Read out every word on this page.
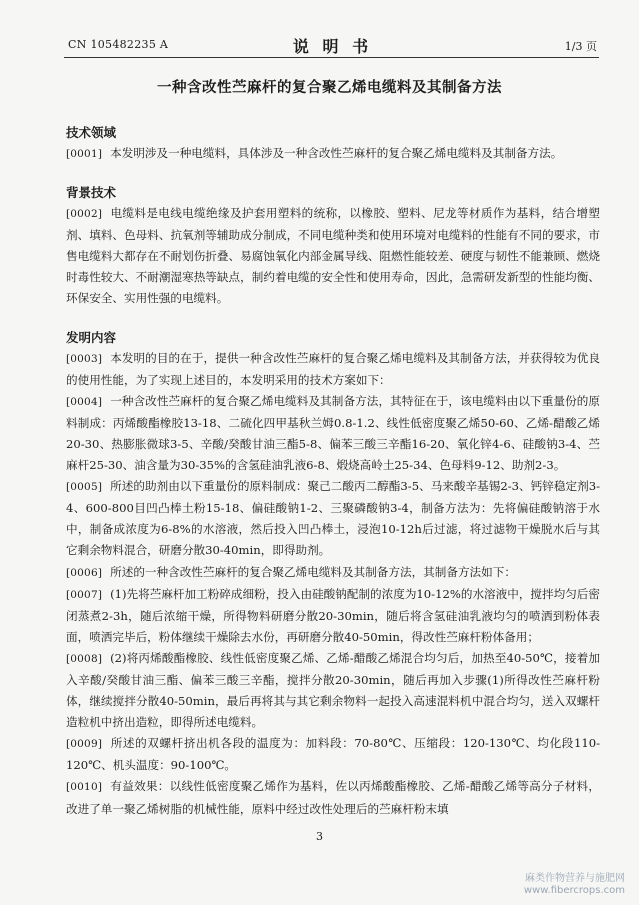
CN 105482235 A	说 明 书	1/3 页
一种含改性苎麻杆的复合聚乙烯电缆料及其制备方法
技术领域

[0001] 本发明涉及一种电缆料，具体涉及一种含改性苎麻杆的复合聚乙烯电缆料及其制备方法。

背景技术

[0002] 电缆料是电线电缆绝缘及护套用塑料的统称，以橡胶、塑料、尼龙等材质作为基料，结合增塑剂、填料、色母料、抗氧剂等辅助成分制成，不同电缆种类和使用环境对电缆料的性能有不同的要求，市售电缆料大都存在不耐划伤折叠、易腐蚀氧化内部金属导线、阻燃性能较差、硬度与韧性不能兼顾、燃烧时毒性较大、不耐潮湿寒热等缺点，制约着电缆的安全性和使用寿命，因此，急需研发新型的性能均衡、环保安全、实用性强的电缆料。

发明内容

[0003] 本发明的目的在于，提供一种含改性苎麻杆的复合聚乙烯电缆料及其制备方法，并获得较为优良的使用性能，为了实现上述目的，本发明采用的技术方案如下：

[0004] 一种含改性苎麻杆的复合聚乙烯电缆料及其制备方法，其特征在于，该电缆料由以下重量份的原料制成：丙烯酸酯橡胶13-18、二硫化四甲基秋兰姆0.8-1.2、线性低密度聚乙烯50-60、乙烯-醋酸乙烯20-30、热膨胀微球3-5、辛酸/癸酸甘油三酯5-8、偏苯三酸三辛酯16-20、氧化锌4-6、硅酸钠3-4、苎麻杆25-30、油含量为30-35%的含氢硅油乳液6-8、煅烧高岭土25-34、色母料9-12、助剂2-3。

[0005] 所述的助剂由以下重量份的原料制成：聚己二酸丙二醇酯3-5、马来酸辛基锡2-3、钙锌稳定剂3-4、600-800目凹凸棒土粉15-18、偏硅酸钠1-2、三聚磷酸钠3-4，制备方法为：先将偏硅酸钠溶于水中，制备成浓度为6-8%的水溶液，然后投入凹凸棒土，浸泡10-12h后过滤，将过滤物干燥脱水后与其它剩余物料混合，研磨分散30-40min，即得助剂。

[0006] 所述的一种含改性苎麻杆的复合聚乙烯电缆料及其制备方法，其制备方法如下：

[0007] (1)先将苎麻杆加工粉碎成细粉，投入由硅酸钠配制的浓度为10-12%的水溶液中，搅拌均匀后密闭蒸煮2-3h，随后浓缩干燥，所得物料研磨分散20-30min，随后将含氢硅油乳液均匀的喷洒到粉体表面，喷洒完毕后，粉体继续干燥除去水份，再研磨分散40-50min，得改性苎麻杆粉体备用；

[0008] (2)将丙烯酸酯橡胶、线性低密度聚乙烯、乙烯-醋酸乙烯混合均匀后，加热至40-50℃，接着加入辛酸/癸酸甘油三酯、偏苯三酸三辛酯，搅拌分散20-30min，随后再加入步骤(1)所得改性苎麻杆粉体，继续搅拌分散40-50min，最后再将其与其它剩余物料一起投入高速混料机中混合均匀，送入双螺杆造粒机中挤出造粒，即得所述电缆料。

[0009] 所述的双螺杆挤出机各段的温度为：加料段：70-80℃、压缩段：120-130℃、均化段110-120℃、机头温度：90-100℃。

[0010] 有益效果：以线性低密度聚乙烯作为基料，佐以丙烯酸酯橡胶、乙烯-醋酸乙烯等高分子材料，改进了单一聚乙烯树脂的机械性能，原料中经过改性处理后的苎麻杆粉末填

3
麻类作物营养与施肥网
www.fibercrops.com
